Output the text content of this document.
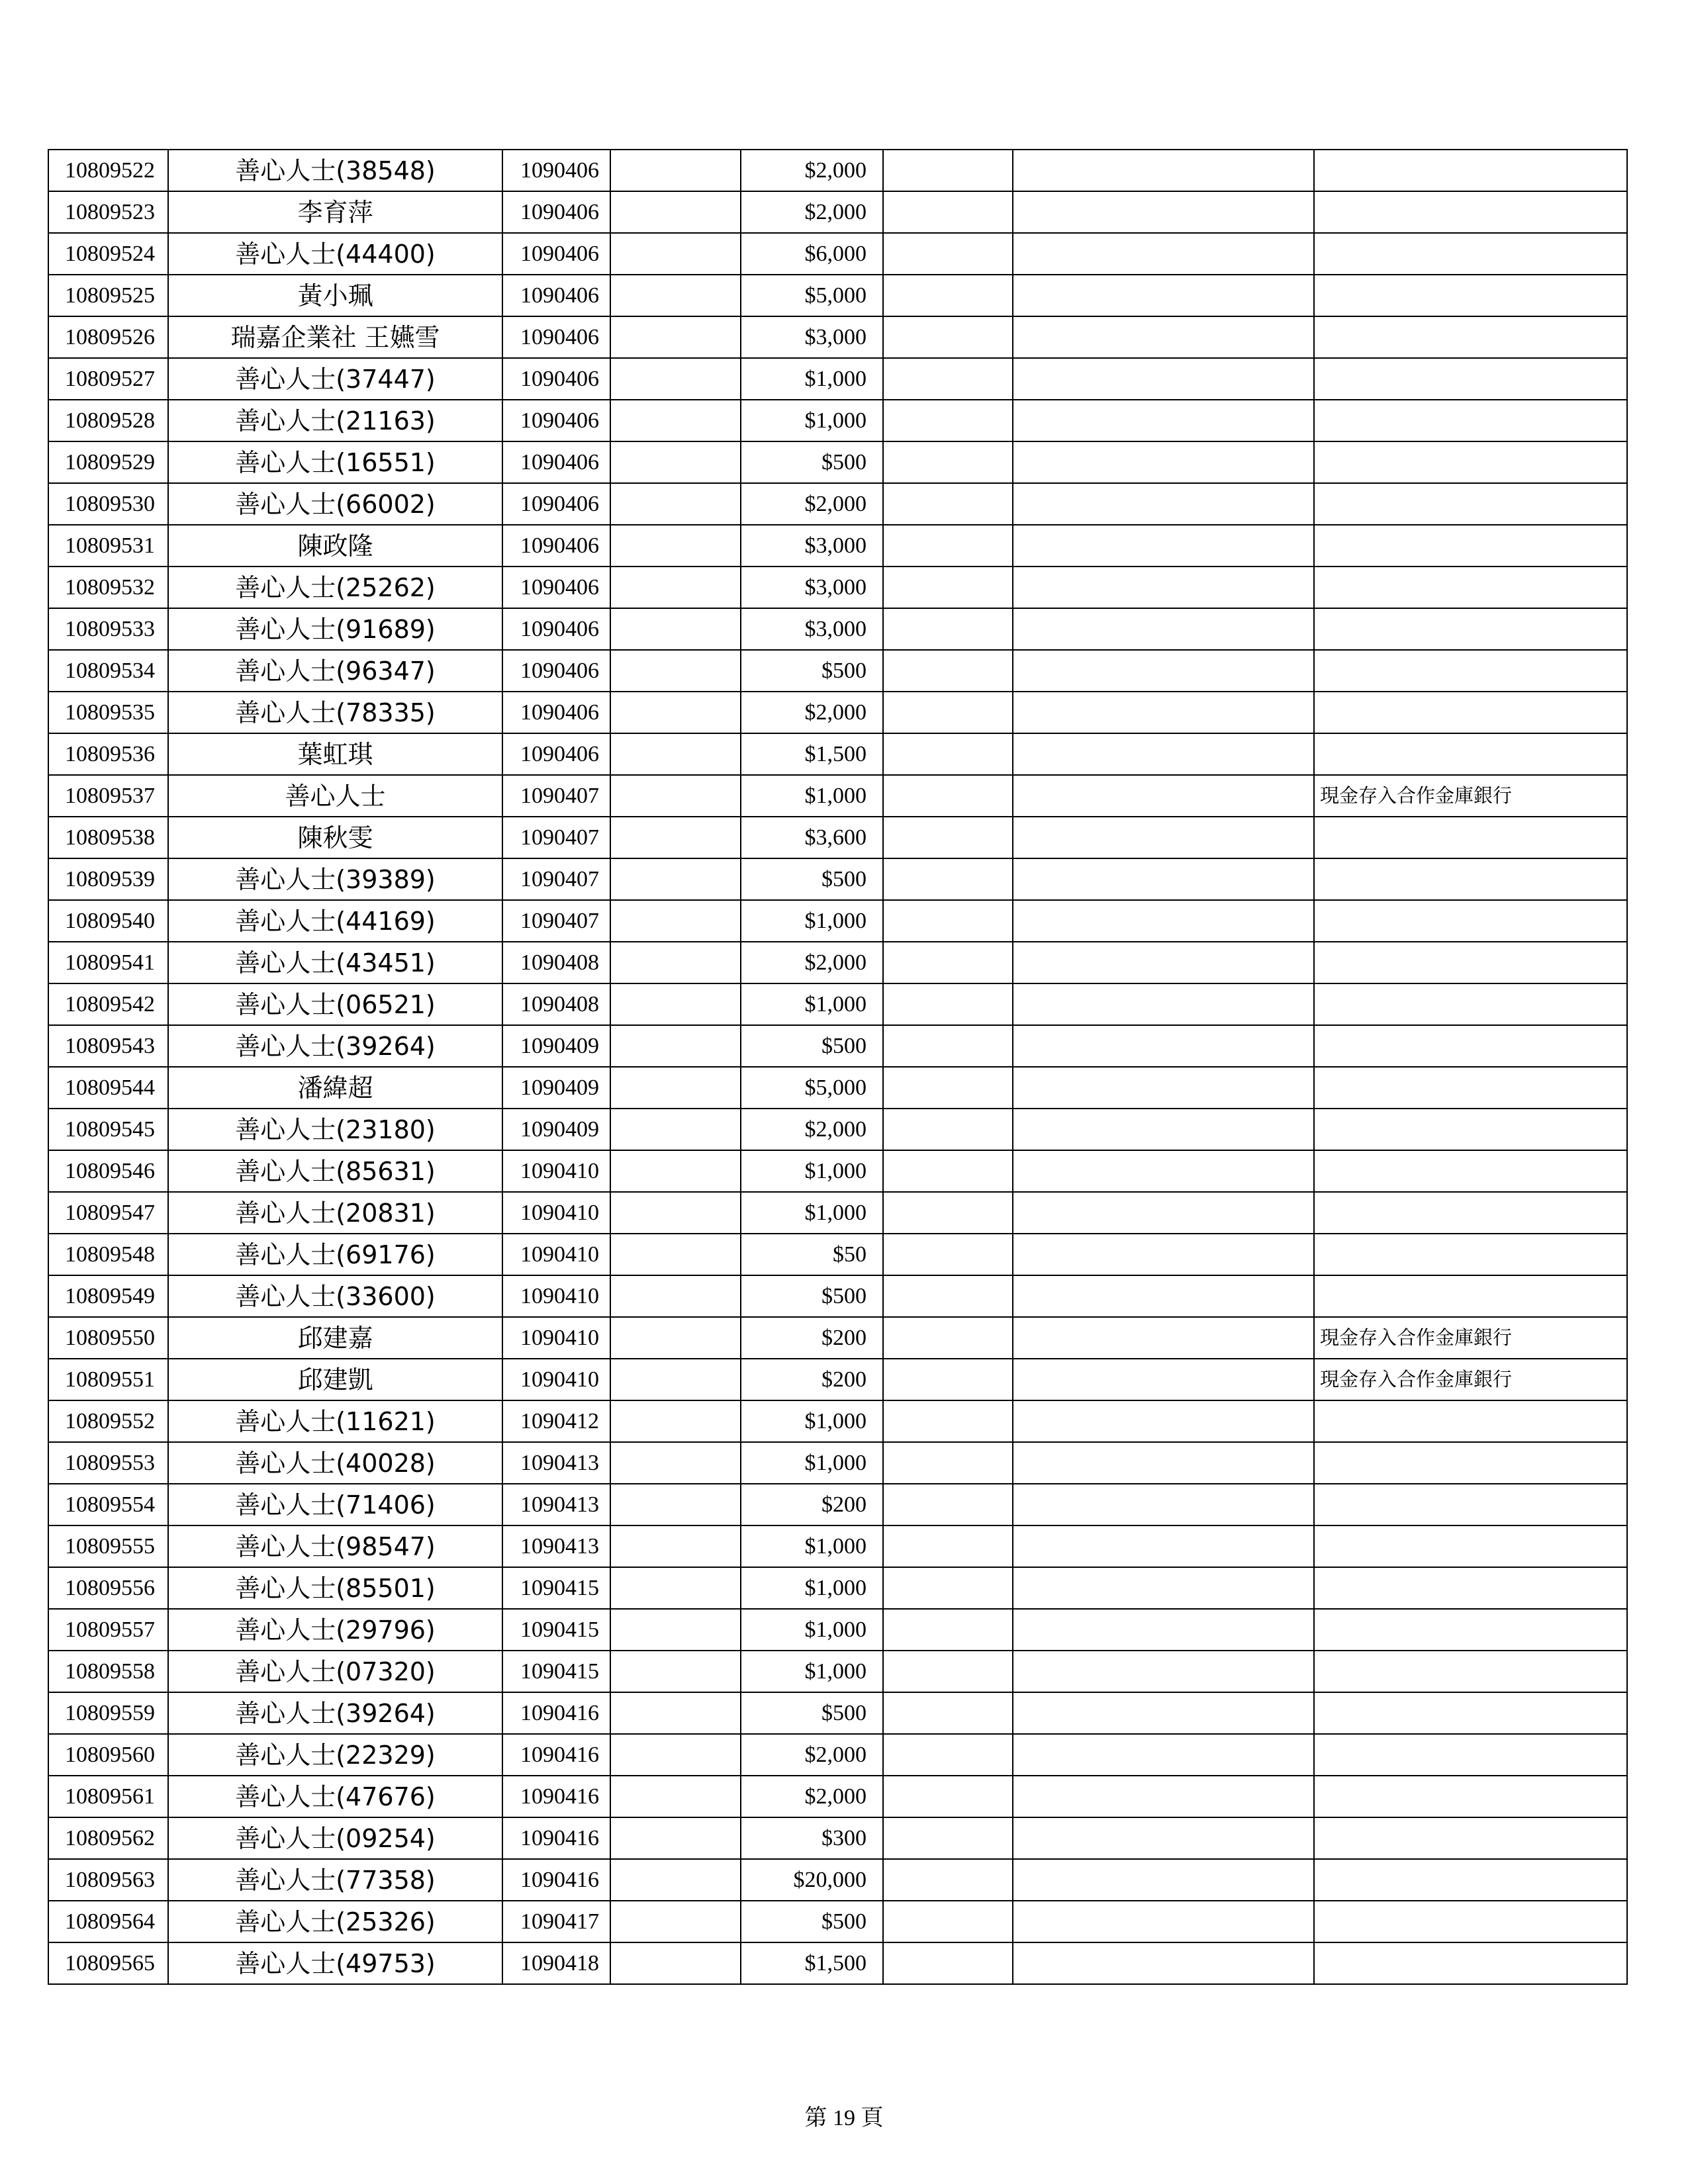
10809522	善心人士(38548)	1090406		$2,000			
10809523	李育萍	1090406		$2,000			
10809524	善心人士(44400)	1090406		$6,000			
10809525	黃小珮	1090406		$5,000			
10809526	瑞嘉企業社 王嬿雪	1090406		$3,000			
10809527	善心人士(37447)	1090406		$1,000			
10809528	善心人士(21163)	1090406		$1,000			
10809529	善心人士(16551)	1090406		$500			
10809530	善心人士(66002)	1090406		$2,000			
10809531	陳政隆	1090406		$3,000			
10809532	善心人士(25262)	1090406		$3,000			
10809533	善心人士(91689)	1090406		$3,000			
10809534	善心人士(96347)	1090406		$500			
10809535	善心人士(78335)	1090406		$2,000			
10809536	葉虹琪	1090406		$1,500			
10809537	善心人士	1090407		$1,000			現金存入合作金庫銀行
10809538	陳秋雯	1090407		$3,600			
10809539	善心人士(39389)	1090407		$500			
10809540	善心人士(44169)	1090407		$1,000			
10809541	善心人士(43451)	1090408		$2,000			
10809542	善心人士(06521)	1090408		$1,000			
10809543	善心人士(39264)	1090409		$500			
10809544	潘緯超	1090409		$5,000			
10809545	善心人士(23180)	1090409		$2,000			
10809546	善心人士(85631)	1090410		$1,000			
10809547	善心人士(20831)	1090410		$1,000			
10809548	善心人士(69176)	1090410		$50			
10809549	善心人士(33600)	1090410		$500			
10809550	邱建嘉	1090410		$200			現金存入合作金庫銀行
10809551	邱建凱	1090410		$200			現金存入合作金庫銀行
10809552	善心人士(11621)	1090412		$1,000			
10809553	善心人士(40028)	1090413		$1,000			
10809554	善心人士(71406)	1090413		$200			
10809555	善心人士(98547)	1090413		$1,000			
10809556	善心人士(85501)	1090415		$1,000			
10809557	善心人士(29796)	1090415		$1,000			
10809558	善心人士(07320)	1090415		$1,000			
10809559	善心人士(39264)	1090416		$500			
10809560	善心人士(22329)	1090416		$2,000			
10809561	善心人士(47676)	1090416		$2,000			
10809562	善心人士(09254)	1090416		$300			
10809563	善心人士(77358)	1090416		$20,000			
10809564	善心人士(25326)	1090417		$500			
10809565	善心人士(49753)	1090418		$1,500			
第 19 頁
